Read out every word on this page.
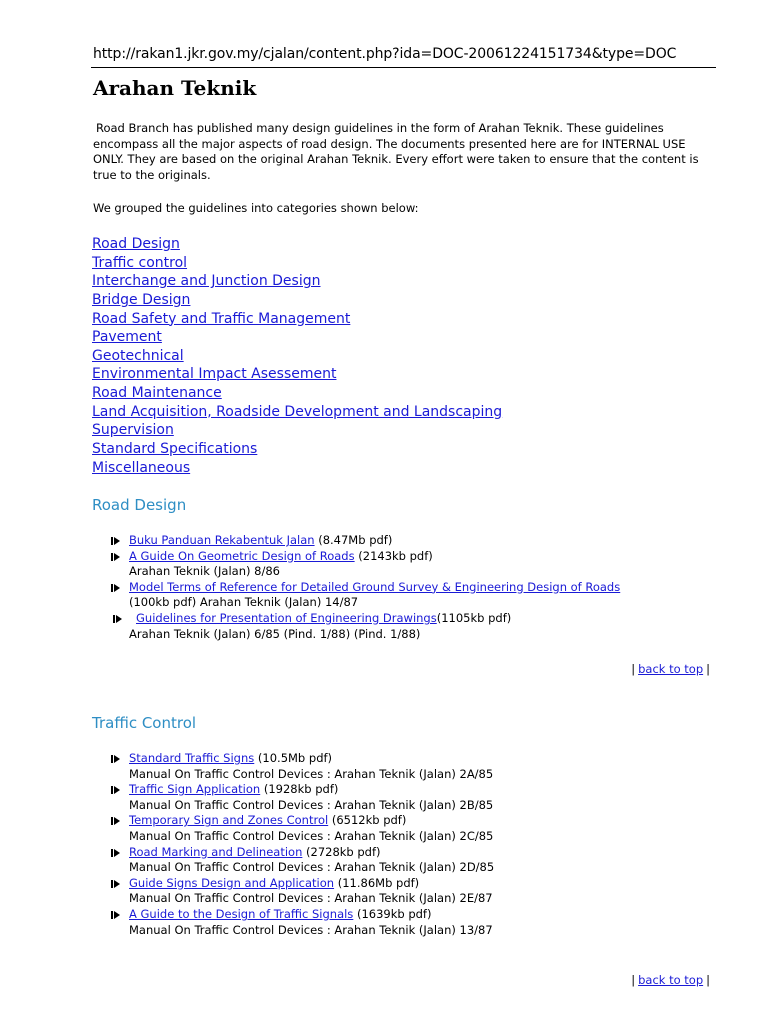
http://rakan1.jkr.gov.my/cjalan/content.php?ida=DOC-20061224151734&type=DOC
Arahan Teknik

Road Branch has published many design guidelines in the form of Arahan Teknik. These guidelines encompass all the major aspects of road design. The documents presented here are for INTERNAL USE ONLY. They are based on the original Arahan Teknik. Every effort were taken to ensure that the content is true to the originals.

We grouped the guidelines into categories shown below:

Road Design
Traffic control
Interchange and Junction Design
Bridge Design
Road Safety and Traffic Management
Pavement
Geotechnical
Environmental Impact Asessement
Road Maintenance
Land Acquisition, Roadside Development and Landscaping
Supervision
Standard Specifications
Miscellaneous
Road Design
Buku Panduan Rekabentuk Jalan (8.47Mb pdf)
A Guide On Geometric Design of Roads (2143kb pdf)
Arahan Teknik (Jalan) 8/86
Model Terms of Reference for Detailed Ground Survey & Engineering Design of Roads
(100kb pdf) Arahan Teknik (Jalan) 14/87
Guidelines for Presentation of Engineering Drawings(1105kb pdf)
Arahan Teknik (Jalan) 6/85 (Pind. 1/88) (Pind. 1/88)
| back to top |
Traffic Control
Standard Traffic Signs (10.5Mb pdf)
Manual On Traffic Control Devices : Arahan Teknik (Jalan) 2A/85
Traffic Sign Application (1928kb pdf)
Manual On Traffic Control Devices : Arahan Teknik (Jalan) 2B/85
Temporary Sign and Zones Control (6512kb pdf)
Manual On Traffic Control Devices : Arahan Teknik (Jalan) 2C/85
Road Marking and Delineation (2728kb pdf)
Manual On Traffic Control Devices : Arahan Teknik (Jalan) 2D/85
Guide Signs Design and Application (11.86Mb pdf)
Manual On Traffic Control Devices : Arahan Teknik (Jalan) 2E/87
A Guide to the Design of Traffic Signals (1639kb pdf)
Manual On Traffic Control Devices : Arahan Teknik (Jalan) 13/87
| back to top |
